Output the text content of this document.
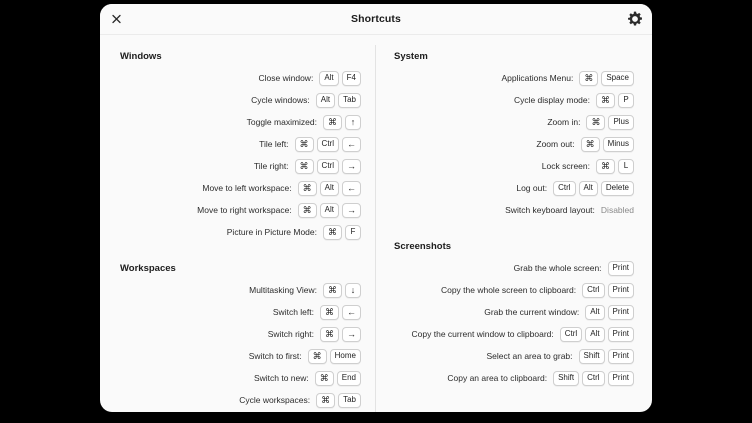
Shortcuts
Windows
Close window:	Alt	F4
Cycle windows:	Alt	Tab
Toggle maximized:	⌘	↑
Tile left:	⌘	Ctrl	←
Tile right:	⌘	Ctrl	→
Move to left workspace:	⌘	Alt	←
Move to right workspace:	⌘	Alt	→
Picture in Picture Mode:	⌘	F
Workspaces
Multitasking View:	⌘	↓
Switch left:	⌘	←
Switch right:	⌘	→
Switch to first:	⌘	Home
Switch to new:	⌘	End
Cycle workspaces:	⌘	Tab
System
Applications Menu:	⌘	Space
Cycle display mode:	⌘	P
Zoom in:	⌘	Plus
Zoom out:	⌘	Minus
Lock screen:	⌘	L
Log out:	Ctrl	Alt	Delete
Switch keyboard layout: Disabled
Screenshots
Grab the whole screen:	Print
Copy the whole screen to clipboard:	Ctrl	Print
Grab the current window:	Alt	Print
Copy the current window to clipboard:	Ctrl	Alt	Print
Select an area to grab:	Shift	Print
Copy an area to clipboard:	Shift	Ctrl	Print
